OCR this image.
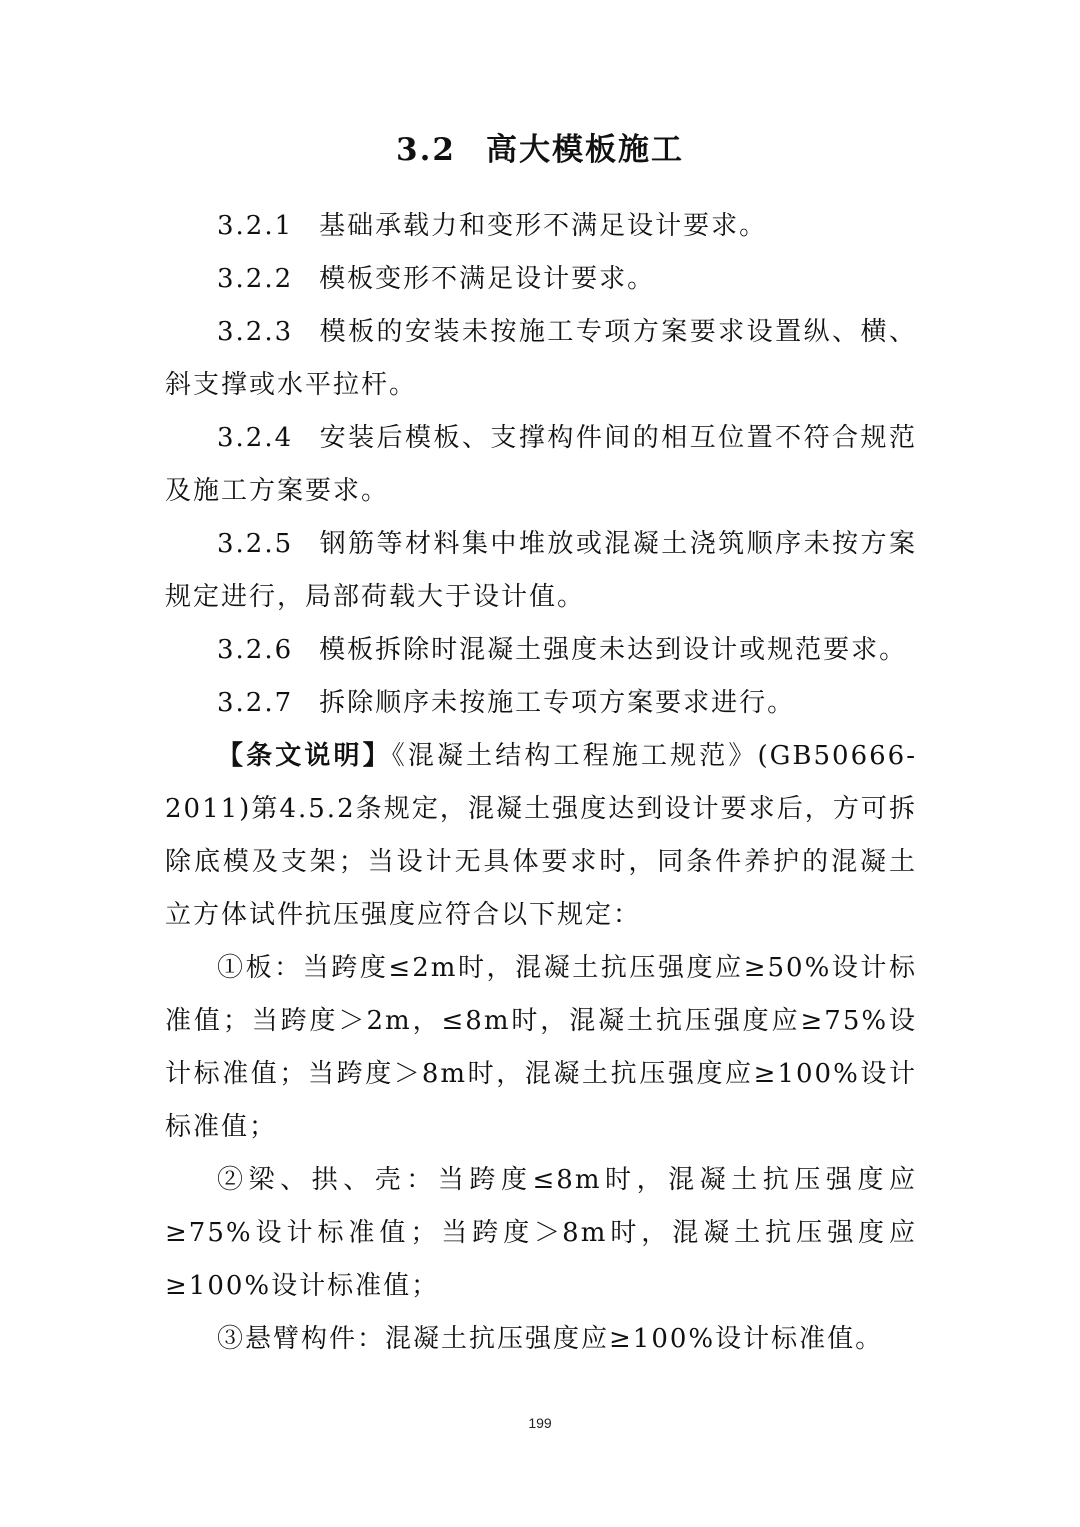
3.2 高大模板施工

3.2.1 基础承载力和变形不满足设计要求。

3.2.2 模板变形不满足设计要求。

3.2.3 模板的安装未按施工专项方案要求设置纵、横、斜支撑或水平拉杆。

3.2.4 安装后模板、支撑构件间的相互位置不符合规范及施工方案要求。

3.2.5 钢筋等材料集中堆放或混凝土浇筑顺序未按方案规定进行，局部荷载大于设计值。

3.2.6 模板拆除时混凝土强度未达到设计或规范要求。

3.2.7 拆除顺序未按施工专项方案要求进行。

【条文说明】《混凝土结构工程施工规范》(GB50666-2011)第4.5.2条规定，混凝土强度达到设计要求后，方可拆除底模及支架；当设计无具体要求时，同条件养护的混凝土立方体试件抗压强度应符合以下规定：

①板：当跨度≤2m时，混凝土抗压强度应≥50%设计标准值；当跨度＞2m，≤8m时，混凝土抗压强度应≥75%设计标准值；当跨度＞8m时，混凝土抗压强度应≥100%设计标准值；

②梁、拱、壳：当跨度≤8m时，混凝土抗压强度应≥75%设计标准值；当跨度＞8m时，混凝土抗压强度应≥100%设计标准值；

③悬臂构件：混凝土抗压强度应≥100%设计标准值。

199
